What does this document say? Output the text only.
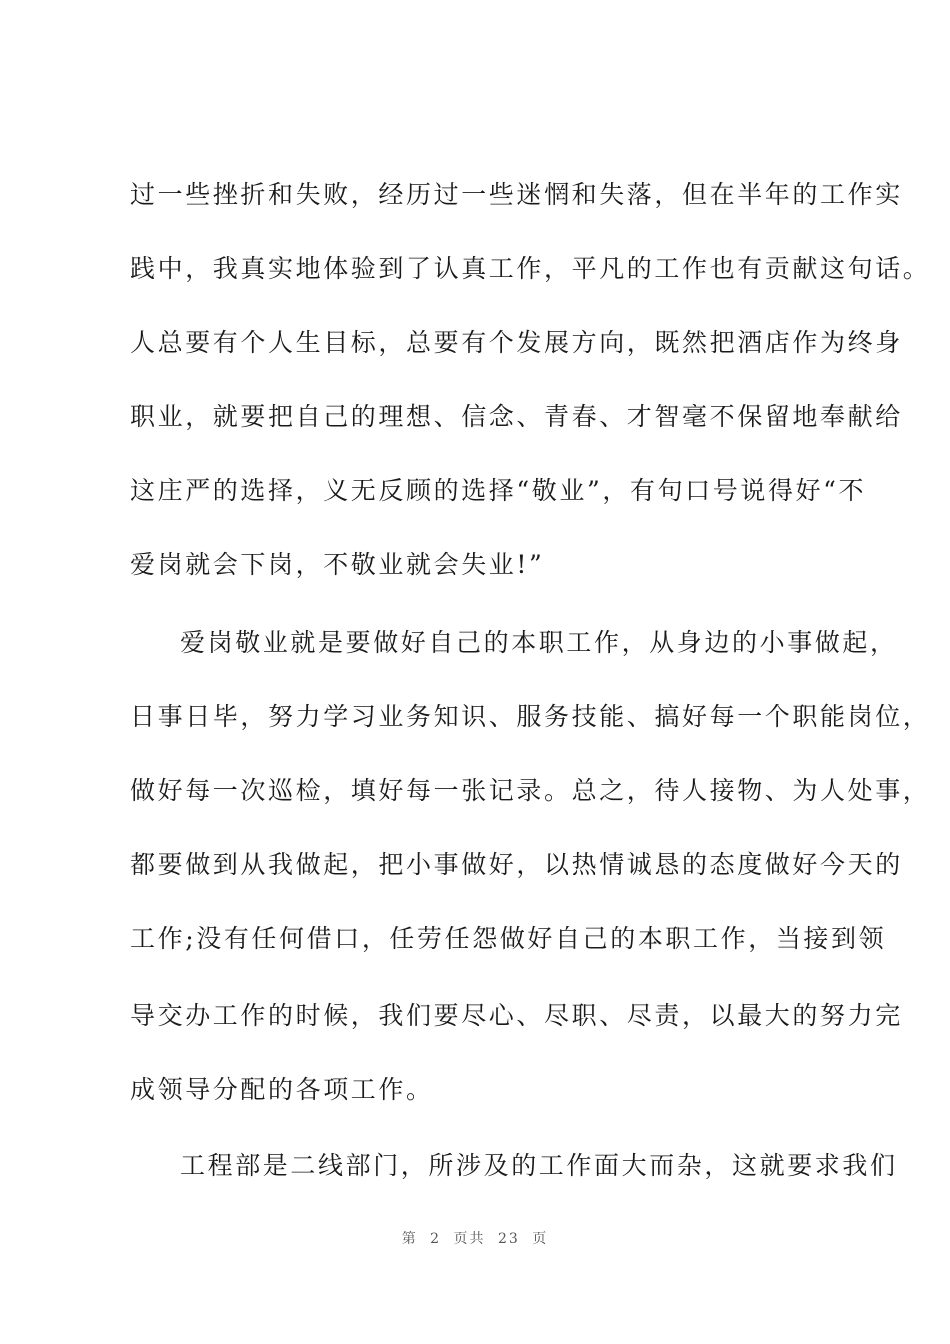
过一些挫折和失败，经历过一些迷惘和失落，但在半年的工作实
践中，我真实地体验到了认真工作，平凡的工作也有贡献这句话。
人总要有个人生目标，总要有个发展方向，既然把酒店作为终身
职业，就要把自己的理想、信念、青春、才智毫不保留地奉献给
这庄严的选择，义无反顾的选择“敬业”，有句口号说得好“不
爱岗就会下岗，不敬业就会失业!”
爱岗敬业就是要做好自己的本职工作，从身边的小事做起，
日事日毕，努力学习业务知识、服务技能、搞好每一个职能岗位，
做好每一次巡检，填好每一张记录。总之，待人接物、为人处事，
都要做到从我做起，把小事做好，以热情诚恳的态度做好今天的
工作;没有任何借口，任劳任怨做好自己的本职工作，当接到领
导交办工作的时候，我们要尽心、尽职、尽责，以最大的努力完
成领导分配的各项工作。
工程部是二线部门，所涉及的工作面大而杂，这就要求我们
第 2 页共 23 页
